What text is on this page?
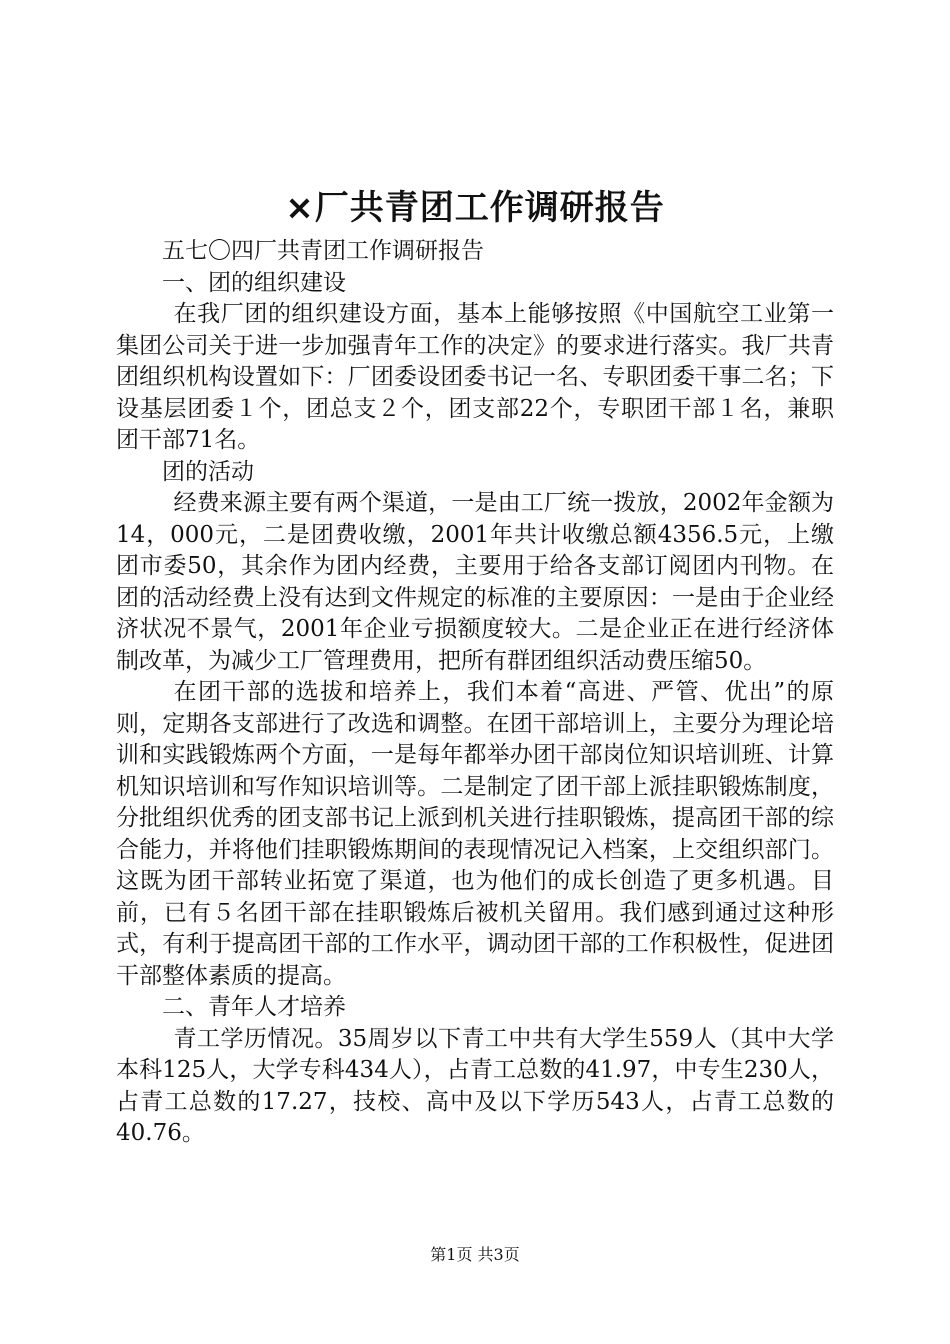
×厂共青团工作调研报告

五七〇四厂共青团工作调研报告

一、团的组织建设

在我厂团的组织建设方面，基本上能够按照《中国航空工业第一集团公司关于进一步加强青年工作的决定》的要求进行落实。我厂共青团组织机构设置如下：厂团委设团委书记一名、专职团委干事二名；下设基层团委１个，团总支２个，团支部22个，专职团干部１名，兼职团干部71名。

团的活动

经费来源主要有两个渠道，一是由工厂统一拨放，2002年金额为14，000元，二是团费收缴，2001年共计收缴总额4356.5元，上缴团市委50，其余作为团内经费，主要用于给各支部订阅团内刊物。在团的活动经费上没有达到文件规定的标准的主要原因：一是由于企业经济状况不景气，2001年企业亏损额度较大。二是企业正在进行经济体制改革，为减少工厂管理费用，把所有群团组织活动费压缩50。

在团干部的选拔和培养上，我们本着“高进、严管、优出”的原则，定期各支部进行了改选和调整。在团干部培训上，主要分为理论培训和实践锻炼两个方面，一是每年都举办团干部岗位知识培训班、计算机知识培训和写作知识培训等。二是制定了团干部上派挂职锻炼制度，分批组织优秀的团支部书记上派到机关进行挂职锻炼，提高团干部的综合能力，并将他们挂职锻炼期间的表现情况记入档案，上交组织部门。这既为团干部转业拓宽了渠道，也为他们的成长创造了更多机遇。目前，已有５名团干部在挂职锻炼后被机关留用。我们感到通过这种形式，有利于提高团干部的工作水平，调动团干部的工作积极性，促进团干部整体素质的提高。

二、青年人才培养

青工学历情况。35周岁以下青工中共有大学生559人（其中大学本科125人，大学专科434人），占青工总数的41.97，中专生230人，占青工总数的17.27，技校、高中及以下学历543人，占青工总数的40.76。

第1页 共3页
